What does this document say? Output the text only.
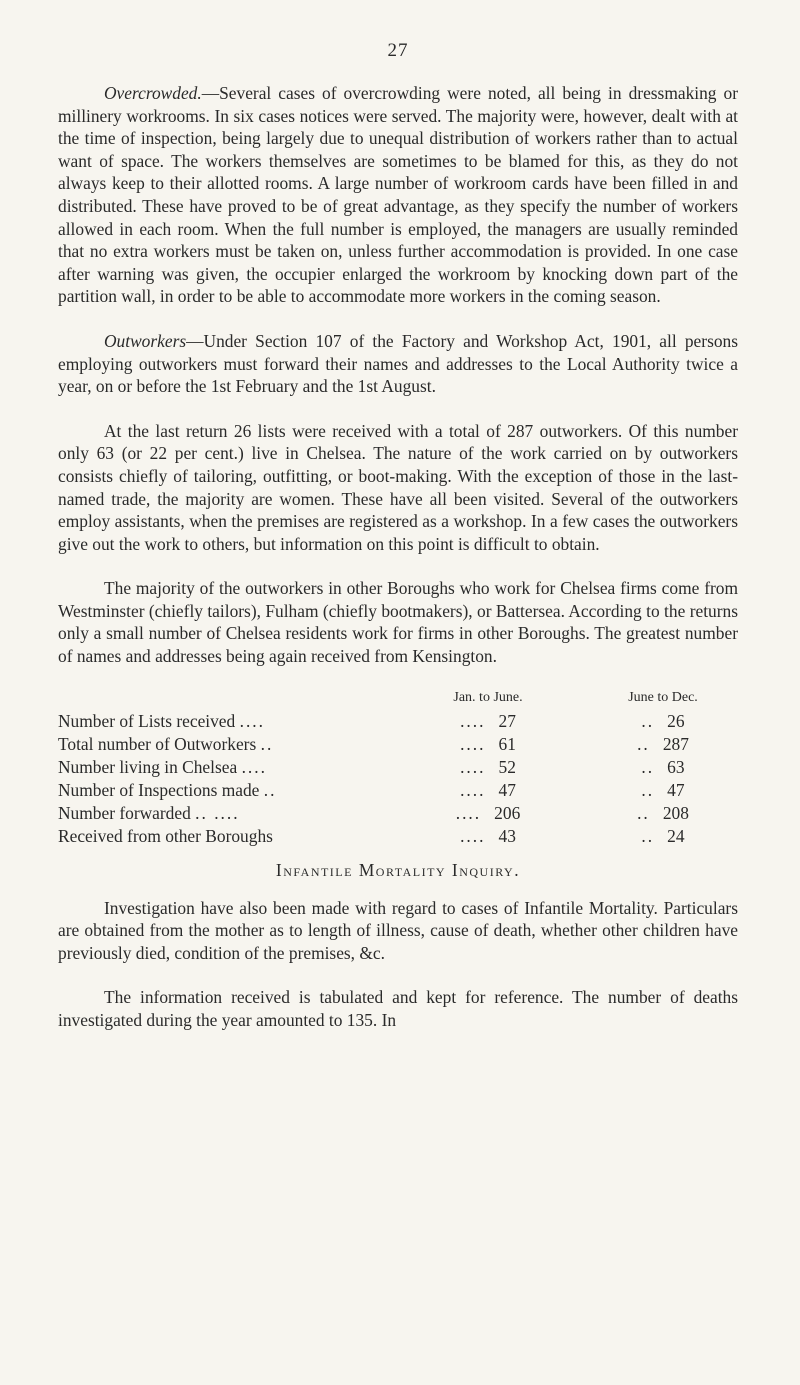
27

Overcrowded.—Several cases of overcrowding were noted, all being in dressmaking or millinery workrooms. In six cases notices were served. The majority were, however, dealt with at the time of inspection, being largely due to unequal distribution of workers rather than to actual want of space. The workers themselves are sometimes to be blamed for this, as they do not always keep to their allotted rooms. A large number of workroom cards have been filled in and distributed. These have proved to be of great advantage, as they specify the number of workers allowed in each room. When the full number is employed, the managers are usually reminded that no extra workers must be taken on, unless further accommodation is provided. In one case after warning was given, the occupier enlarged the workroom by knocking down part of the partition wall, in order to be able to accommodate more workers in the coming season.

Outworkers—Under Section 107 of the Factory and Workshop Act, 1901, all persons employing outworkers must forward their names and addresses to the Local Authority twice a year, on or before the 1st February and the 1st August.

At the last return 26 lists were received with a total of 287 outworkers. Of this number only 63 (or 22 per cent.) live in Chelsea. The nature of the work carried on by outworkers consists chiefly of tailoring, outfitting, or boot-making. With the exception of those in the last-named trade, the majority are women. These have all been visited. Several of the outworkers employ assistants, when the premises are registered as a workshop. In a few cases the outworkers give out the work to others, but information on this point is difficult to obtain.

The majority of the outworkers in other Boroughs who work for Chelsea firms come from Westminster (chiefly tailors), Fulham (chiefly bootmakers), or Battersea. According to the returns only a small number of Chelsea residents work for firms in other Boroughs. The greatest number of names and addresses being again received from Kensington.

	Jan. to June.	June to Dec.
Number of Lists received ....	.... 27	.. 26
Total number of Outworkers ..	.... 61	.. 287
Number living in Chelsea ....	.... 52	.. 63
Number of Inspections made ..	.... 47	.. 47
Number forwarded .. ....	.... 206	.. 208
Received from other Boroughs	.... 43	.. 24
Infantile Mortality Inquiry.

Investigation have also been made with regard to cases of Infantile Mortality. Particulars are obtained from the mother as to length of illness, cause of death, whether other children have previously died, condition of the premises, &c.

The information received is tabulated and kept for reference. The number of deaths investigated during the year amounted to 135. In
